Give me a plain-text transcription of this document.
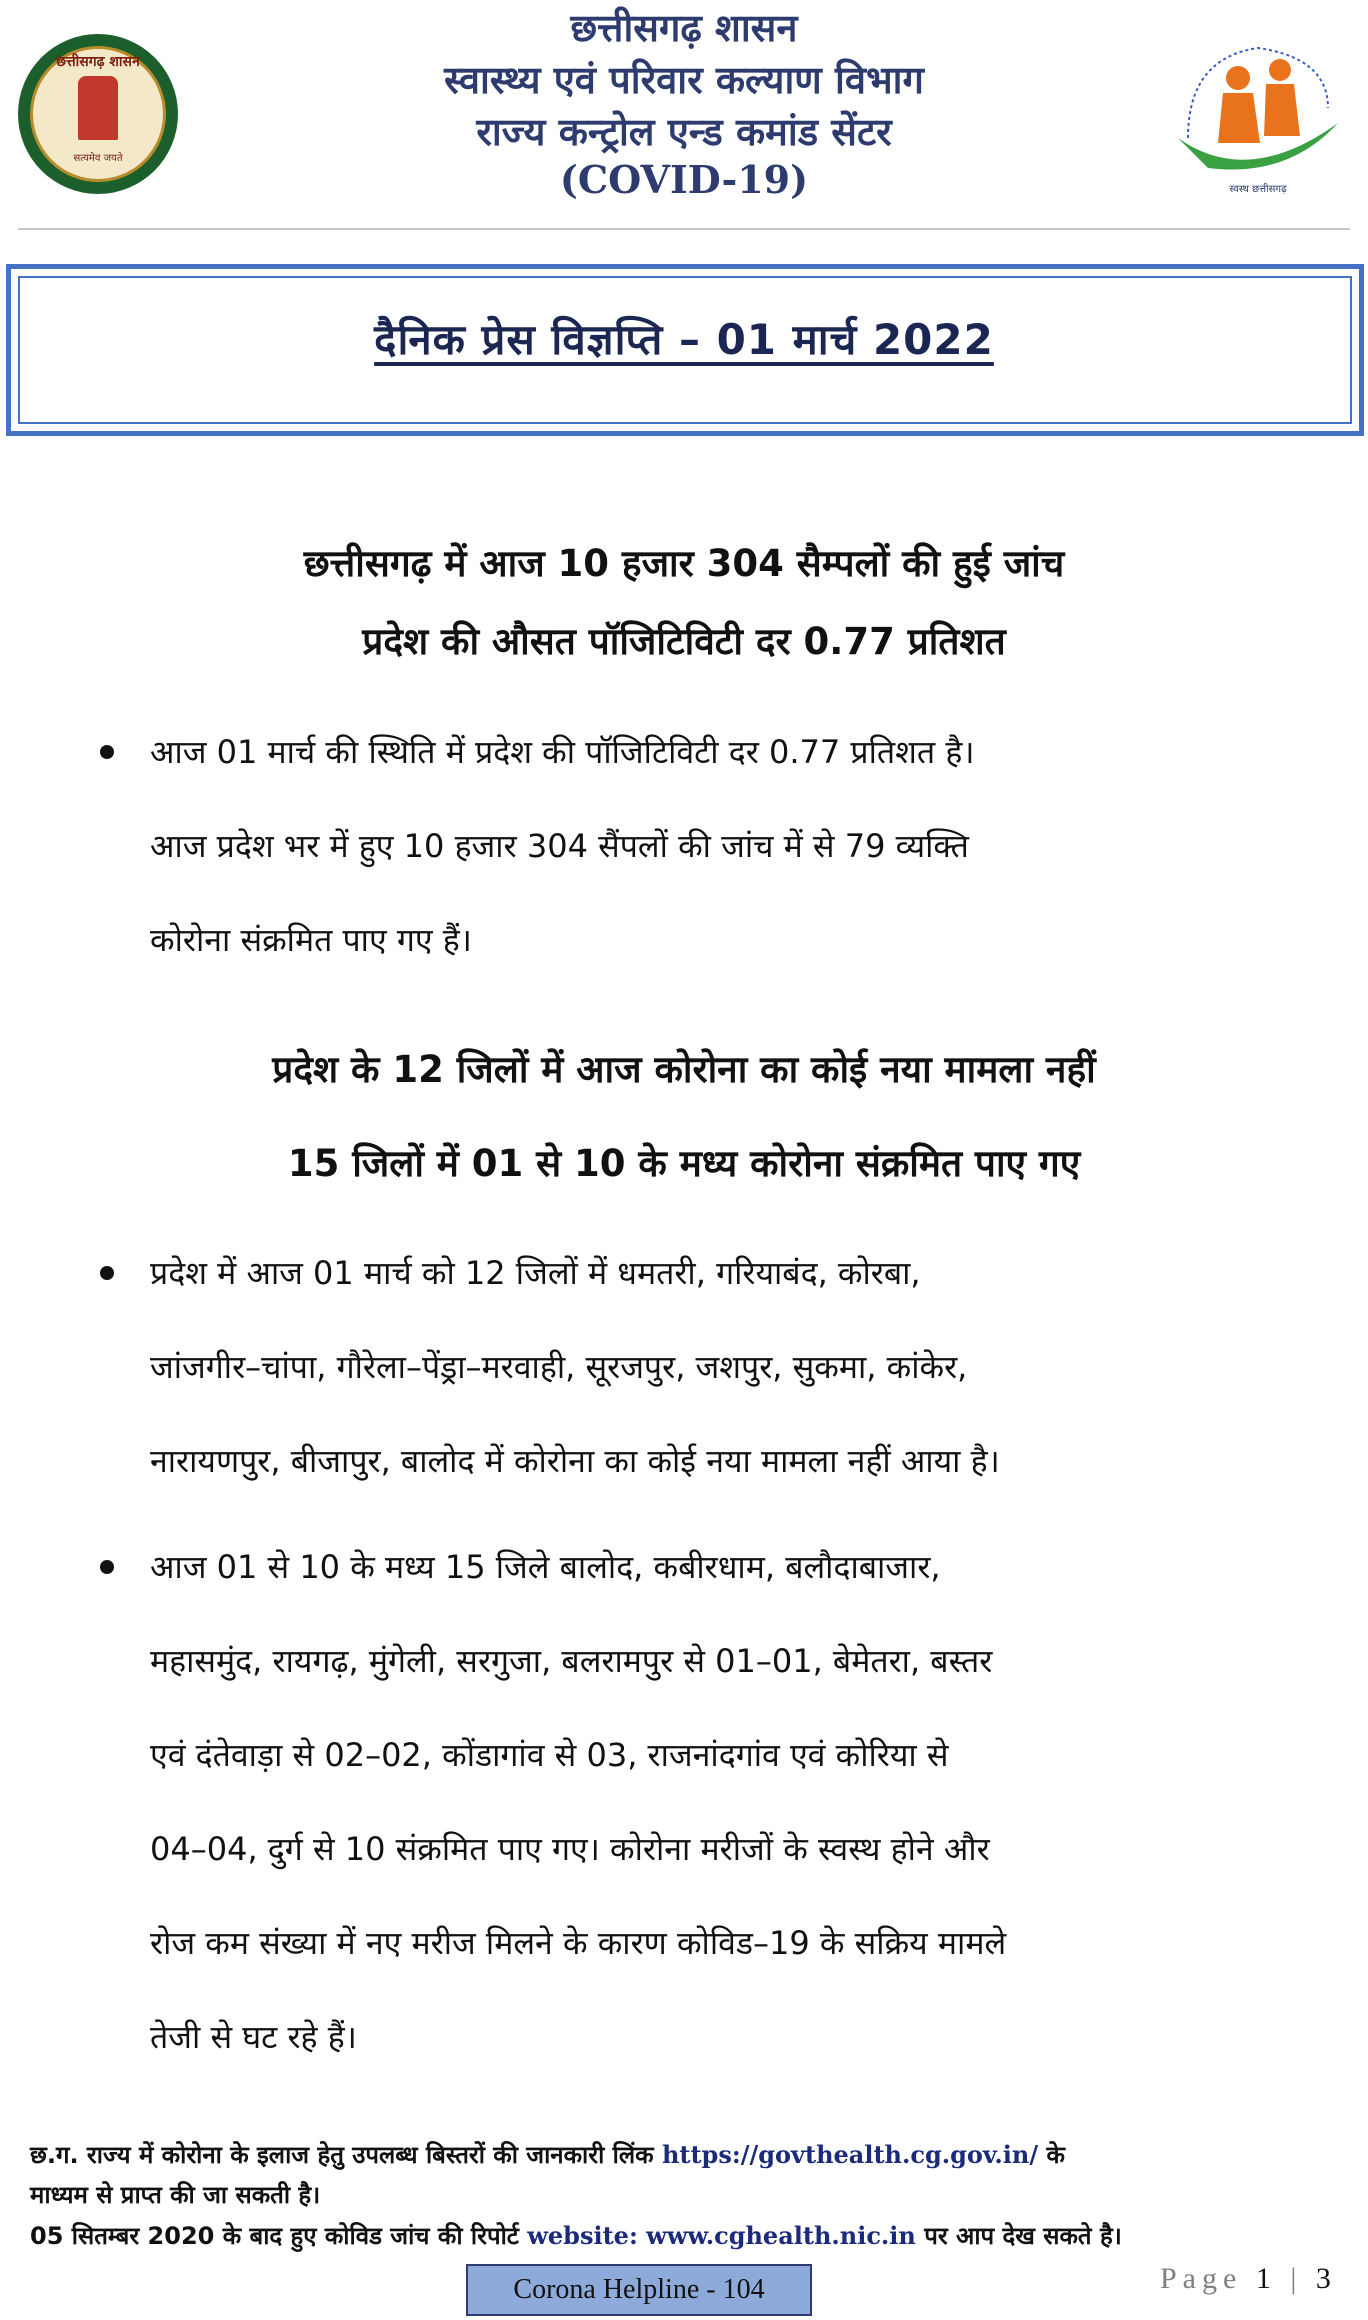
छत्तीसगढ़ शासन
सत्यमेव जयते
स्वस्थ छत्तीसगढ़
छत्तीसगढ़ शासन
स्वास्थ्य एवं परिवार कल्याण विभाग
राज्य कन्ट्रोल एन्ड कमांड सेंटर
(COVID-19)
दैनिक प्रेस विज्ञप्ति – 01 मार्च 2022
छत्तीसगढ़ में आज 10 हजार 304 सैम्पलों की हुई जांच
प्रदेश की औसत पॉजिटिविटी दर 0.77 प्रतिशत
आज 01 मार्च की स्थिति में प्रदेश की पॉजिटिविटी दर 0.77 प्रतिशत है।
आज प्रदेश भर में हुए 10 हजार 304 सैंपलों की जांच में से 79 व्यक्ति
कोरोना संक्रमित पाए गए हैं।
प्रदेश के 12 जिलों में आज कोरोना का कोई नया मामला नहीं
15 जिलों में 01 से 10 के मध्य कोरोना संक्रमित पाए गए
प्रदेश में आज 01 मार्च को 12 जिलों में धमतरी, गरियाबंद, कोरबा,
जांजगीर–चांपा, गौरेला–पेंड्रा–मरवाही, सूरजपुर, जशपुर, सुकमा, कांकेर,
नारायणपुर, बीजापुर, बालोद में कोरोना का कोई नया मामला नहीं आया है।
आज 01 से 10 के मध्य 15 जिले बालोद, कबीरधाम, बलौदाबाजार,
महासमुंद, रायगढ़, मुंगेली, सरगुजा, बलरामपुर से 01–01, बेमेतरा, बस्तर
एवं दंतेवाड़ा से 02–02, कोंडागांव से 03, राजनांदगांव एवं कोरिया से
04–04, दुर्ग से 10 संक्रमित पाए गए। कोरोना मरीजों के स्वस्थ होने और
रोज कम संख्या में नए मरीज मिलने के कारण कोविड–19 के सक्रिय मामले
तेजी से घट रहे हैं।
छ.ग. राज्य में कोरोना के इलाज हेतु उपलब्ध बिस्तरों की जानकारी लिंक https://govthealth.cg.gov.in/ के
माध्यम से प्राप्त की जा सकती है।
05 सितम्बर 2020 के बाद हुए कोविड जांच की रिपोर्ट website: www.cghealth.nic.in पर आप देख सकते है।
Corona Helpline - 104	Page 1 | 3
